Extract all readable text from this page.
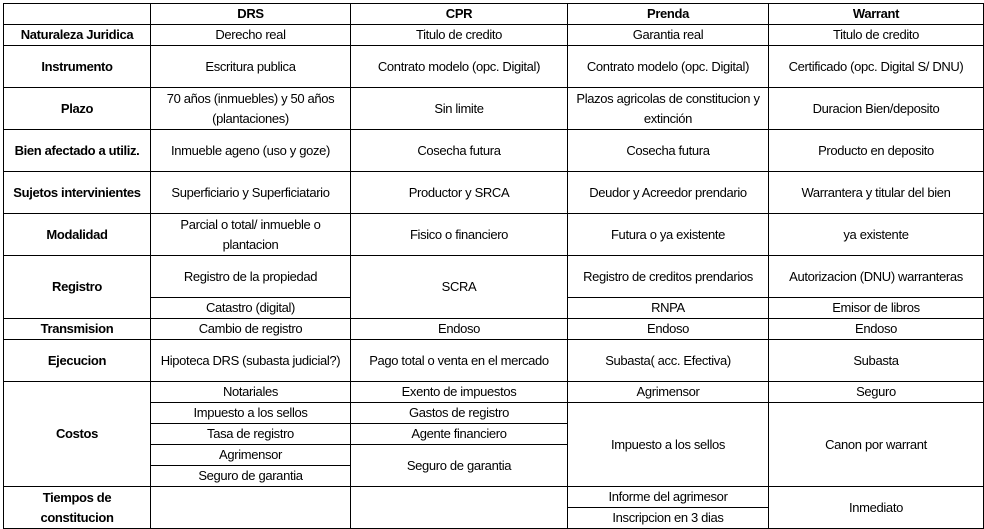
	DRS	CPR	Prenda	Warrant
Naturaleza Juridica	Derecho real	Titulo de credito	Garantia real	Titulo de credito
Instrumento	Escritura publica	Contrato modelo (opc. Digital)	Contrato modelo (opc. Digital)	Certificado (opc. Digital S/ DNU)
Plazo	70 años (inmuebles) y 50 años (plantaciones)	Sin limite	Plazos agricolas de constitucion y extinción	Duracion Bien/deposito
Bien afectado a utiliz.	Inmueble ageno (uso y goze)	Cosecha futura	Cosecha futura	Producto en deposito
Sujetos intervinientes	Superficiario y Superficiatario	Productor y SRCA	Deudor y Acreedor prendario	Warrantera y titular del bien
Modalidad	Parcial o total/ inmueble o plantacion	Fisico o financiero	Futura o ya existente	ya existente
Registro	Registro de la propiedad	SCRA	Registro de creditos prendarios	Autorizacion (DNU) warranteras
	Catastro (digital)		RNPA	Emisor de libros
Transmision	Cambio de registro	Endoso	Endoso	Endoso
Ejecucion	Hipoteca DRS (subasta judicial?)	Pago total o venta en el mercado	Subasta( acc. Efectiva)	Subasta
Costos	Notariales	Exento de impuestos	Agrimensor	Seguro
	Impuesto a los sellos	Gastos de registro	Impuesto a los sellos	Canon por warrant
	Tasa de registro	Agente financiero		
	Agrimensor	Seguro de garantia		
	Seguro de garantia			
Tiempos de constitucion			Informe del agrimesor	Inmediato
			Inscripcion en 3 dias	
